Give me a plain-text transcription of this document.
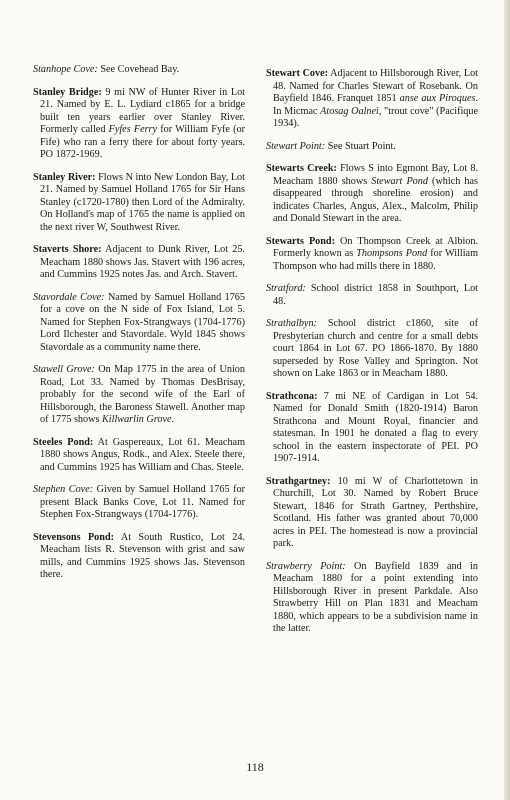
Stanhope Cove: See Covehead Bay.

Stanley Bridge: 9 mi NW of Hunter River in Lot 21. Named by E. L. Lydiard c1865 for a bridge built ten years earlier over Stanley River. Formerly called Fyfes Ferry for William Fyfe (or Fife) who ran a ferry there for about forty years. PO 1872-1969.

Stanley River: Flows N into New London Bay, Lot 21. Named by Samuel Holland 1765 for Sir Hans Stanley (c1720-1780) then Lord of the Admiralty. On Holland's map of 1765 the name is applied on the next river W, Southwest River.

Staverts Shore: Adjacent to Dunk River, Lot 25. Meacham 1880 shows Jas. Stavert with 196 acres, and Cummins 1925 notes Jas. and Arch. Stavert.

Stavordale Cove: Named by Samuel Holland 1765 for a cove on the N side of Fox Island, Lot 5. Named for Stephen Fox-Strangways (1704-1776) Lord Ilchester and Stavordale. Wyld 1845 shows Stavordale as a community name there.

Stawell Grove: On Map 1775 in the area of Union Road, Lot 33. Named by Thomas DesBrisay, probably for the second wife of the Earl of Hillsborough, the Baroness Stawell. Another map of 1775 shows Killwarlin Grove.

Steeles Pond: At Gaspereaux, Lot 61. Meacham 1880 shows Angus, Rodk., and Alex. Steele there, and Cummins 1925 has William and Chas. Steele.

Stephen Cove: Given by Samuel Holland 1765 for present Black Banks Cove, Lot 11. Named for Stephen Fox-Strangways (1704-1776).

Stevensons Pond: At South Rustico, Lot 24. Meacham lists R. Stevenson with grist and saw mills, and Cummins 1925 shows Jas. Stevenson there.

Stewart Cove: Adjacent to Hillsborough River, Lot 48. Named for Charles Stewart of Rosebank. On Bayfield 1846. Franquet 1851 anse aux Piroques. In Micmac Atosag Oalnei, "trout cove" (Pacifique 1934).

Stewart Point: See Stuart Point.

Stewarts Creek: Flows S into Egmont Bay, Lot 8. Meacham 1880 shows Stewart Pond (which has disappeared through shoreline erosion) and indicates Charles, Angus, Alex., Malcolm, Philip and Donald Stewart in the area.

Stewarts Pond: On Thompson Creek at Albion. Formerly known as Thompsons Pond for William Thompson who had mills there in 1880.

Stratford: School district 1858 in Southport, Lot 48.

Strathalbyn: School district c1860, site of Presbyterian church and centre for a small debts court 1864 in Lot 67. PO 1866-1870. By 1880 superseded by Rose Valley and Springton. Not shown on Lake 1863 or in Meacham 1880.

Strathcona: 7 mi NE of Cardigan in Lot 54. Named for Donald Smith (1820-1914) Baron Strathcona and Mount Royal, financier and statesman. In 1901 he donated a flag to every school in the eastern inspectorate of PEI. PO 1907-1914.

Strathgartney: 10 mi W of Charlottetown in Churchill, Lot 30. Named by Robert Bruce Stewart, 1846 for Strath Gartney, Perthshire, Scotland. His father was granted about 70,000 acres in PEI. The homestead is now a provincial park.

Strawberry Point: On Bayfield 1839 and in Meacham 1880 for a point extending into Hillsborough River in present Parkdale. Also Strawberry Hill on Plan 1831 and Meacham 1880, which appears to be a subdivision name in the latter.

118
